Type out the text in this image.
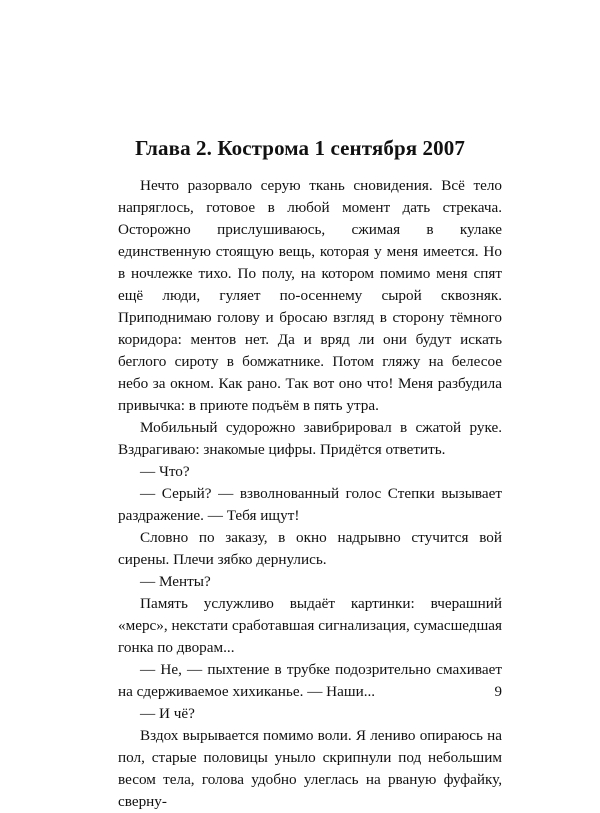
Глава 2. Кострома 1 сентября 2007

Нечто разорвало серую ткань сновидения. Всё тело напряглось, готовое в любой момент дать стрекача. Осторожно прислушиваюсь, сжимая в кулаке единственную стоящую вещь, которая у меня имеется. Но в ночлежке тихо. По полу, на котором помимо меня спят ещё люди, гуляет по-осеннему сырой сквозняк. Приподнимаю голову и бросаю взгляд в сторону тёмного коридора: ментов нет. Да и вряд ли они будут искать беглого сироту в бомжатнике. Потом гляжу на белесое небо за окном. Как рано. Так вот оно что! Меня разбудила привычка: в приюте подъём в пять утра.

Мобильный судорожно завибрировал в сжатой руке. Вздрагиваю: знакомые цифры. Придётся ответить.

— Что?

— Серый? — взволнованный голос Степки вызывает раздражение. — Тебя ищут!

Словно по заказу, в окно надрывно стучится вой сирены. Плечи зябко дернулись.

— Менты?

Память услужливо выдаёт картинки: вчерашний «мерс», некстати сработавшая сигнализация, сумасшедшая гонка по дворам...

— Не, — пыхтение в трубке подозрительно смахивает на сдерживаемое хихиканье. — Наши...

— И чё?

Вздох вырывается помимо воли. Я лениво опираюсь на пол, старые половицы уныло скрипнули под небольшим весом тела, голова удобно улеглась на рваную фуфайку, сверну-

9
